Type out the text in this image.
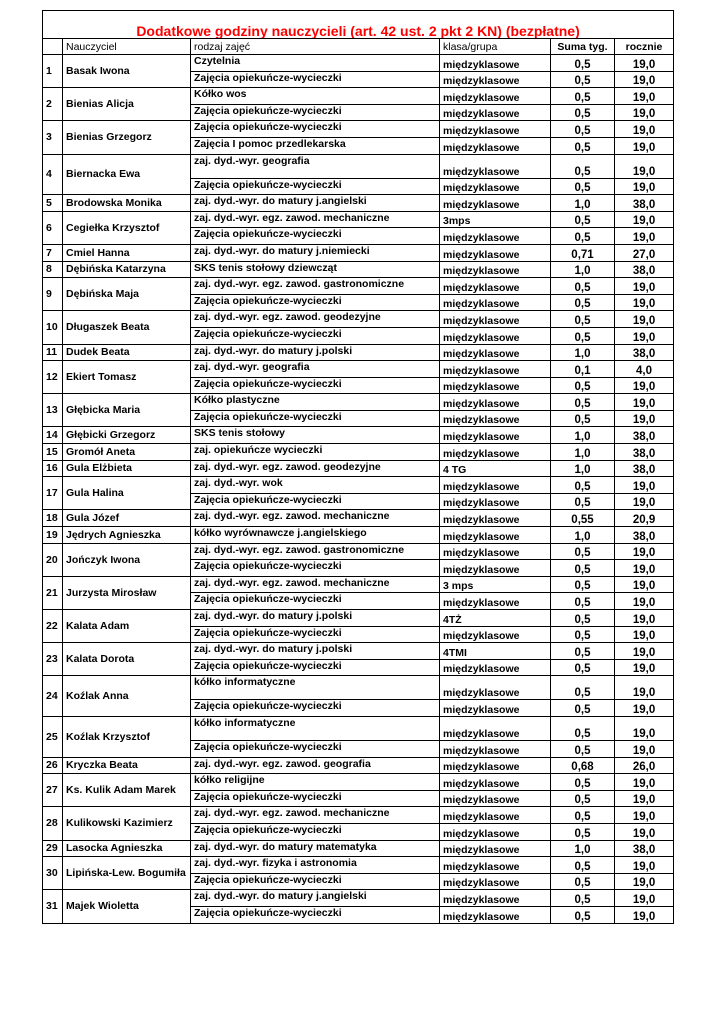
Dodatkowe godziny nauczycieli (art. 42 ust. 2 pkt 2 KN) (bezpłatne)					
	Nauczyciel	rodzaj zajęć	klasa/grupa	Suma tyg.	rocznie
1	Basak Iwona	Czytelnia	międzyklasowe	0,5	19,0
		Zajęcia opiekuńcze-wycieczki	międzyklasowe	0,5	19,0
2	Bienias Alicja	Kółko wos	międzyklasowe	0,5	19,0
		Zajęcia opiekuńcze-wycieczki	międzyklasowe	0,5	19,0
3	Bienias Grzegorz	Zajęcia opiekuńcze-wycieczki	międzyklasowe	0,5	19,0
		Zajęcia I pomoc przedlekarska	międzyklasowe	0,5	19,0
4	Biernacka Ewa	zaj. dyd.-wyr. geografia	międzyklasowe	0,5	19,0
		Zajęcia opiekuńcze-wycieczki	międzyklasowe	0,5	19,0
5	Brodowska Monika	zaj. dyd.-wyr. do matury j.angielski	międzyklasowe	1,0	38,0
6	Cegiełka Krzysztof	zaj. dyd.-wyr. egz. zawod. mechaniczne	3mps	0,5	19,0
		Zajęcia opiekuńcze-wycieczki	międzyklasowe	0,5	19,0
7	Cmiel Hanna	zaj. dyd.-wyr. do matury j.niemiecki	międzyklasowe	0,71	27,0
8	Dębińska Katarzyna	SKS tenis stołowy dziewcząt	międzyklasowe	1,0	38,0
9	Dębińska Maja	zaj. dyd.-wyr. egz. zawod. gastronomiczne	międzyklasowe	0,5	19,0
		Zajęcia opiekuńcze-wycieczki	międzyklasowe	0,5	19,0
10	Długaszek Beata	zaj. dyd.-wyr. egz. zawod. geodezyjne	międzyklasowe	0,5	19,0
		Zajęcia opiekuńcze-wycieczki	międzyklasowe	0,5	19,0
11	Dudek Beata	zaj. dyd.-wyr. do matury j.polski	międzyklasowe	1,0	38,0
12	Ekiert Tomasz	zaj. dyd.-wyr. geografia	międzyklasowe	0,1	4,0
		Zajęcia opiekuńcze-wycieczki	międzyklasowe	0,5	19,0
13	Głębicka Maria	Kółko plastyczne	międzyklasowe	0,5	19,0
		Zajęcia opiekuńcze-wycieczki	międzyklasowe	0,5	19,0
14	Głębicki Grzegorz	SKS tenis stołowy	międzyklasowe	1,0	38,0
15	Gromół Aneta	zaj. opiekuńcze wycieczki	międzyklasowe	1,0	38,0
16	Gula Elżbieta	zaj. dyd.-wyr. egz. zawod. geodezyjne	4 TG	1,0	38,0
17	Gula Halina	zaj. dyd.-wyr. wok	międzyklasowe	0,5	19,0
		Zajęcia opiekuńcze-wycieczki	międzyklasowe	0,5	19,0
18	Gula Józef	zaj. dyd.-wyr. egz. zawod. mechaniczne	międzyklasowe	0,55	20,9
19	Jędrych Agnieszka	kółko wyrównawcze j.angielskiego	międzyklasowe	1,0	38,0
20	Jończyk Iwona	zaj. dyd.-wyr. egz. zawod. gastronomiczne	międzyklasowe	0,5	19,0
		Zajęcia opiekuńcze-wycieczki	międzyklasowe	0,5	19,0
21	Jurzysta Mirosław	zaj. dyd.-wyr. egz. zawod. mechaniczne	3 mps	0,5	19,0
		Zajęcia opiekuńcze-wycieczki	międzyklasowe	0,5	19,0
22	Kalata Adam	zaj. dyd.-wyr. do matury j.polski	4TŻ	0,5	19,0
		Zajęcia opiekuńcze-wycieczki	międzyklasowe	0,5	19,0
23	Kalata Dorota	zaj. dyd.-wyr. do matury j.polski	4TMI	0,5	19,0
		Zajęcia opiekuńcze-wycieczki	międzyklasowe	0,5	19,0
24	Koźlak Anna	kółko informatyczne	międzyklasowe	0,5	19,0
		Zajęcia opiekuńcze-wycieczki	międzyklasowe	0,5	19,0
25	Koźlak Krzysztof	kółko informatyczne	międzyklasowe	0,5	19,0
		Zajęcia opiekuńcze-wycieczki	międzyklasowe	0,5	19,0
26	Kryczka Beata	zaj. dyd.-wyr. egz. zawod. geografia	międzyklasowe	0,68	26,0
27	Ks. Kulik Adam Marek	kółko religijne	międzyklasowe	0,5	19,0
		Zajęcia opiekuńcze-wycieczki	międzyklasowe	0,5	19,0
28	Kulikowski Kazimierz	zaj. dyd.-wyr. egz. zawod. mechaniczne	międzyklasowe	0,5	19,0
		Zajęcia opiekuńcze-wycieczki	międzyklasowe	0,5	19,0
29	Lasocka Agnieszka	zaj. dyd.-wyr. do matury matematyka	międzyklasowe	1,0	38,0
30	Lipińska-Lew. Bogumiła	zaj. dyd.-wyr. fizyka i astronomia	międzyklasowe	0,5	19,0
		Zajęcia opiekuńcze-wycieczki	międzyklasowe	0,5	19,0
31	Majek Wioletta	zaj. dyd.-wyr. do matury j.angielski	międzyklasowe	0,5	19,0
		Zajęcia opiekuńcze-wycieczki	międzyklasowe	0,5	19,0
